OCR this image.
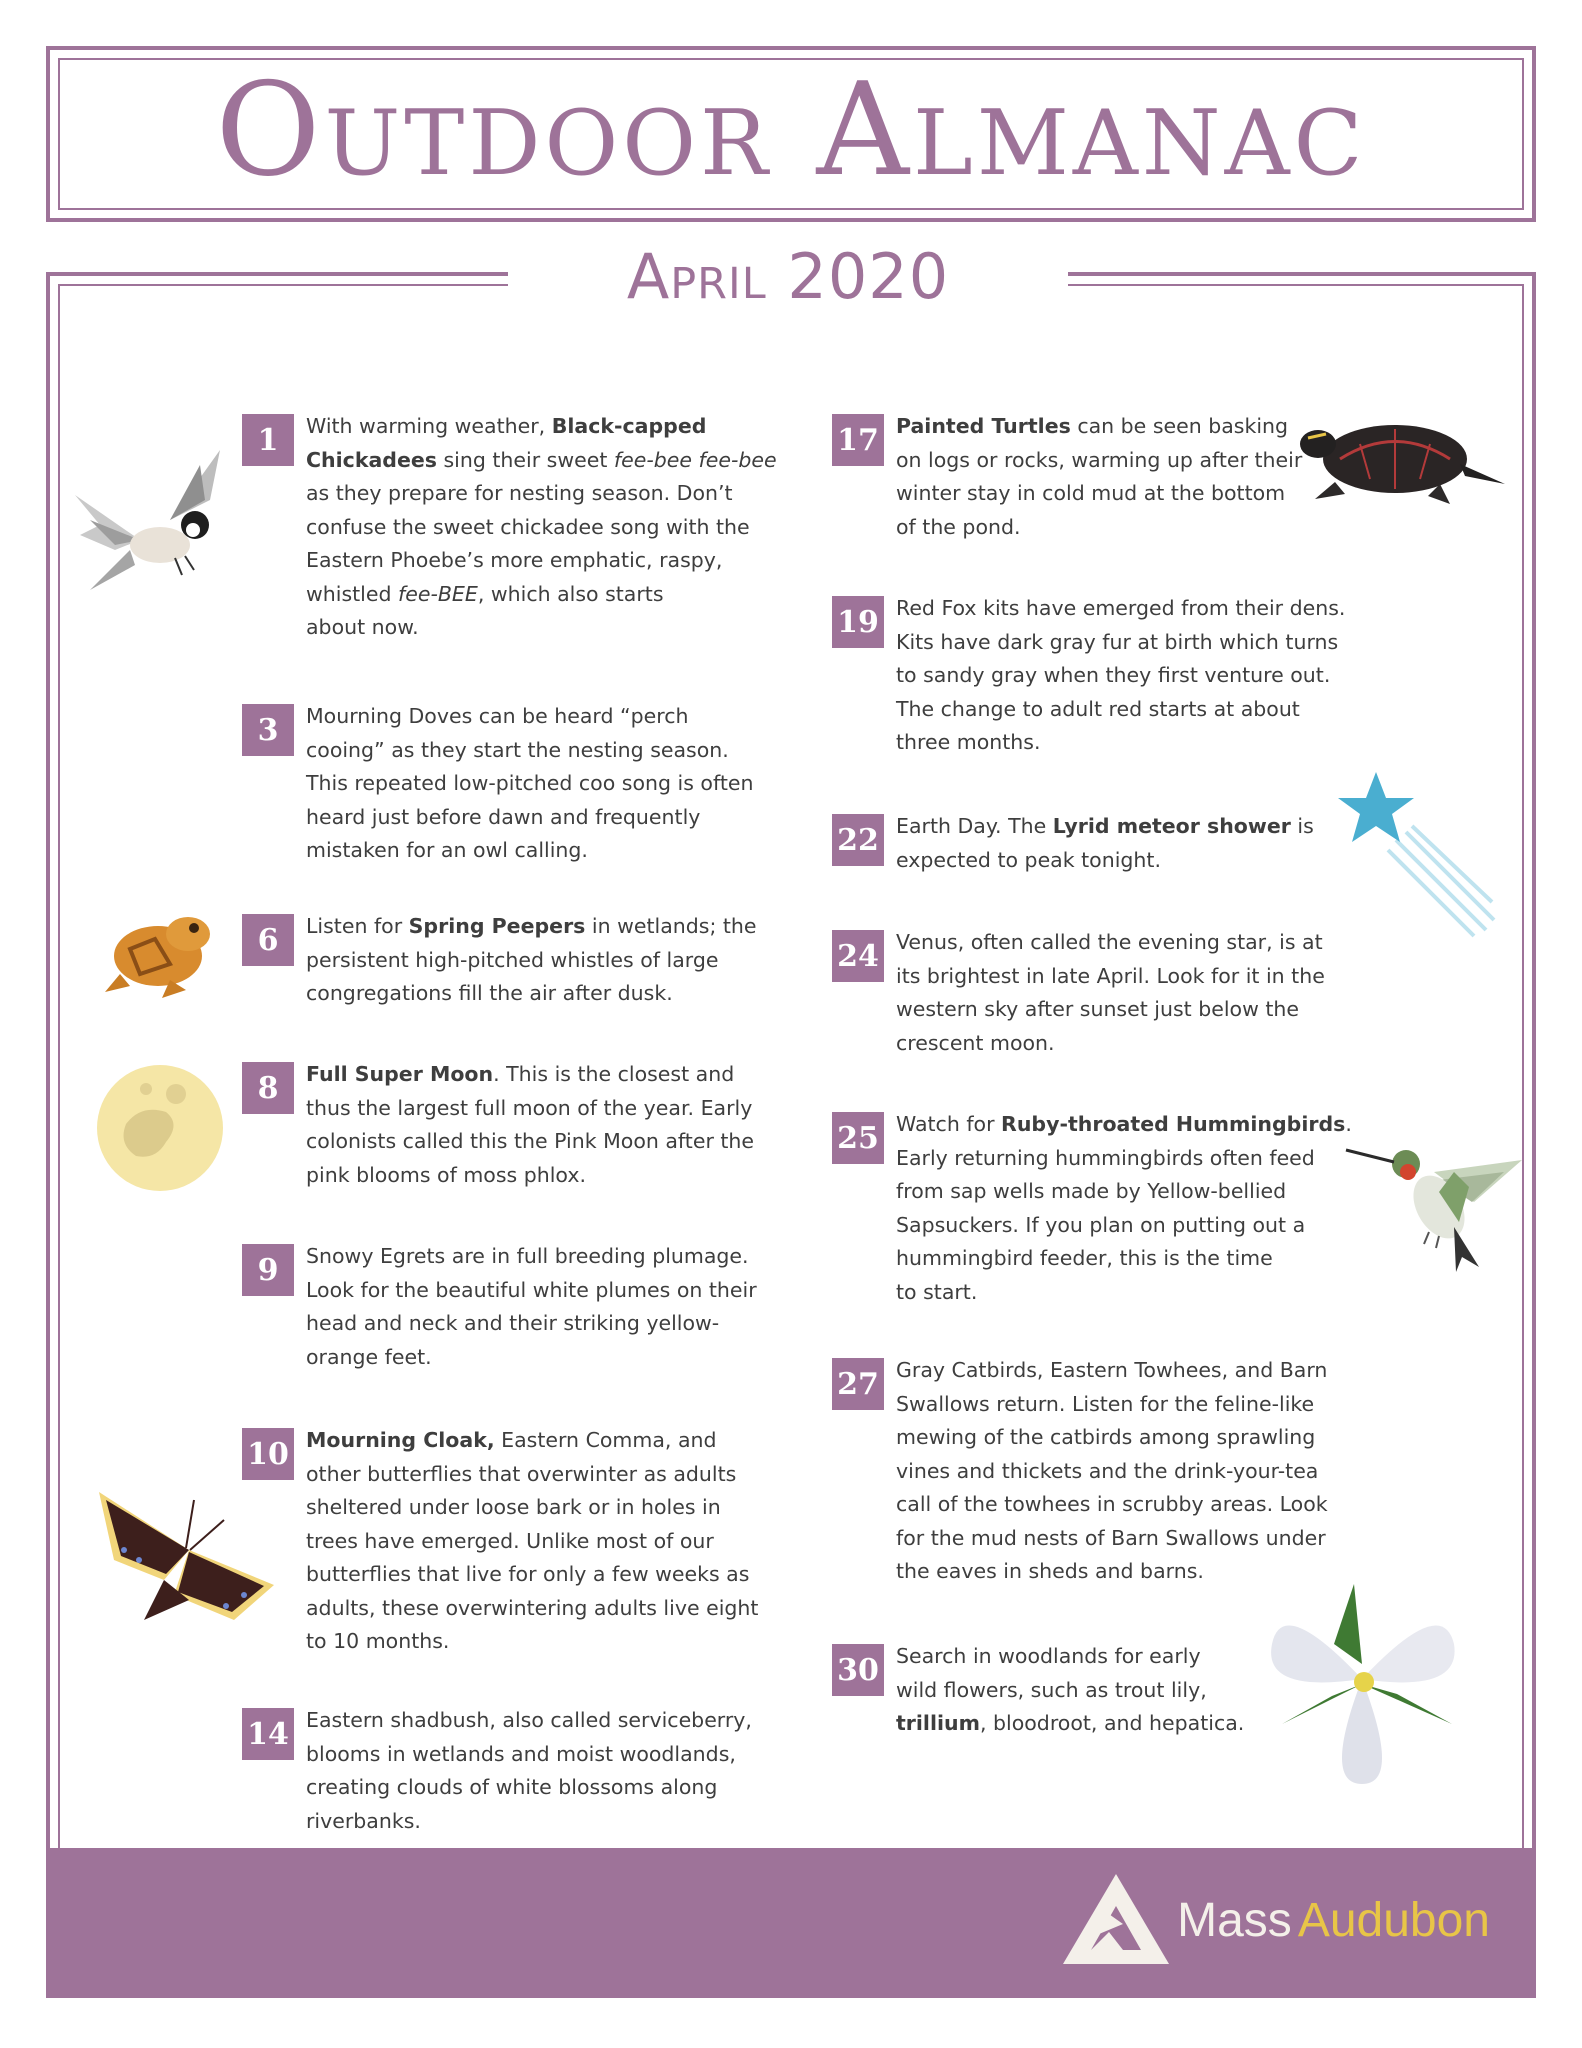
Outdoor Almanac
April 2020
1	With warming weather, Black-capped
Chickadees sing their sweet fee-bee fee-bee
as they prepare for nesting season. Don’t
confuse the sweet chickadee song with the
Eastern Phoebe’s more emphatic, raspy,
whistled fee-BEE, which also starts
about now.
3	Mourning Doves can be heard “perch
cooing” as they start the nesting season.
This repeated low-pitched coo song is often
heard just before dawn and frequently
mistaken for an owl calling.
6	Listen for Spring Peepers in wetlands; the
persistent high-pitched whistles of large
congregations fill the air after dusk.
8	Full Super Moon. This is the closest and
thus the largest full moon of the year. Early
colonists called this the Pink Moon after the
pink blooms of moss phlox.
9	Snowy Egrets are in full breeding plumage.
Look for the beautiful white plumes on their
head and neck and their striking yellow-
orange feet.
10 Mourning Cloak, Eastern Comma, and
other butterflies that overwinter as adults
sheltered under loose bark or in holes in
trees have emerged. Unlike most of our
butterflies that live for only a few weeks as
adults, these overwintering adults live eight
to 10 months.
14 Eastern shadbush, also called serviceberry,
blooms in wetlands and moist woodlands,
creating clouds of white blossoms along
riverbanks.
17 Painted Turtles can be seen basking
on logs or rocks, warming up after their
winter stay in cold mud at the bottom
of the pond.
19 Red Fox kits have emerged from their dens.
Kits have dark gray fur at birth which turns
to sandy gray when they first venture out.
The change to adult red starts at about
three months.
22 Earth Day. The Lyrid meteor shower is
expected to peak tonight.
24 Venus, often called the evening star, is at
its brightest in late April. Look for it in the
western sky after sunset just below the
crescent moon.
25 Watch for Ruby-throated Hummingbirds.
Early returning hummingbirds often feed
from sap wells made by Yellow-bellied
Sapsuckers. If you plan on putting out a
hummingbird feeder, this is the time
to start.
27 Gray Catbirds, Eastern Towhees, and Barn
Swallows return. Listen for the feline-like
mewing of the catbirds among sprawling
vines and thickets and the drink-your-tea
call of the towhees in scrubby areas. Look
for the mud nests of Barn Swallows under
the eaves in sheds and barns.
30 Search in woodlands for early
wild flowers, such as trout lily,
trillium, bloodroot, and hepatica.
Mass Audubon
